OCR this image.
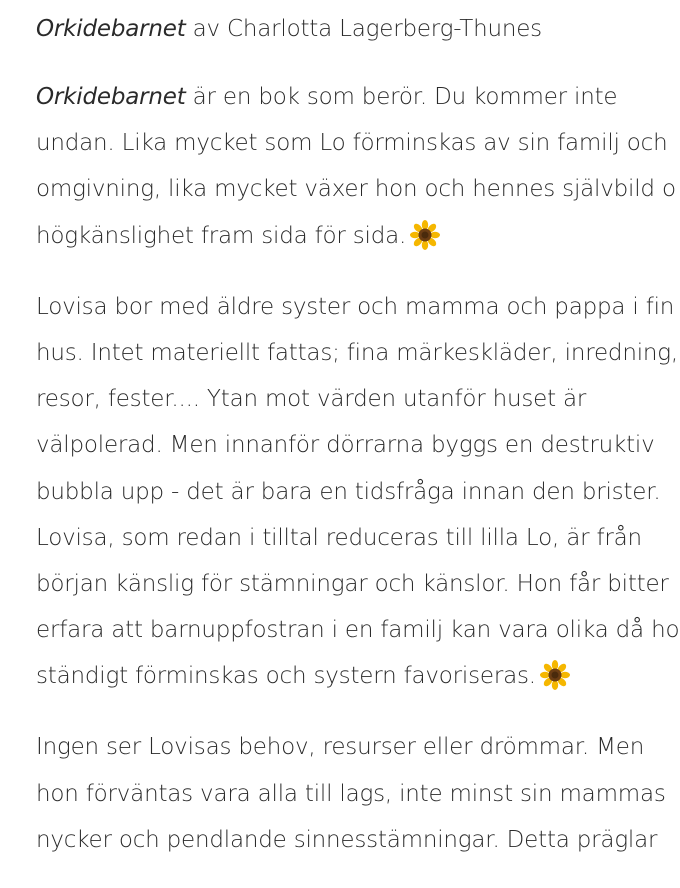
Orkidebarnet av Charlotta Lagerberg-Thunes
Orkidebarnet är en bok som berör. Du kommer inte
undan. Lika mycket som Lo förminskas av sin familj och
omgivning, lika mycket växer hon och hennes självbild o
högkänslighet fram sida för sida.
Lovisa bor med äldre syster och mamma och pappa i fin
hus. Intet materiellt fattas; fina märkeskläder, inredning,
resor, fester.... Ytan mot värden utanför huset är
välpolerad. Men innanför dörrarna byggs en destruktiv
bubbla upp - det är bara en tidsfråga innan den brister.
Lovisa, som redan i tilltal reduceras till lilla Lo, är från
början känslig för stämningar och känslor. Hon får bitter
erfara att barnuppfostran i en familj kan vara olika då ho
ständigt förminskas och systern favoriseras.
Ingen ser Lovisas behov, resurser eller drömmar. Men
hon förväntas vara alla till lags, inte minst sin mammas
nycker och pendlande sinnesstämningar. Detta präglar
